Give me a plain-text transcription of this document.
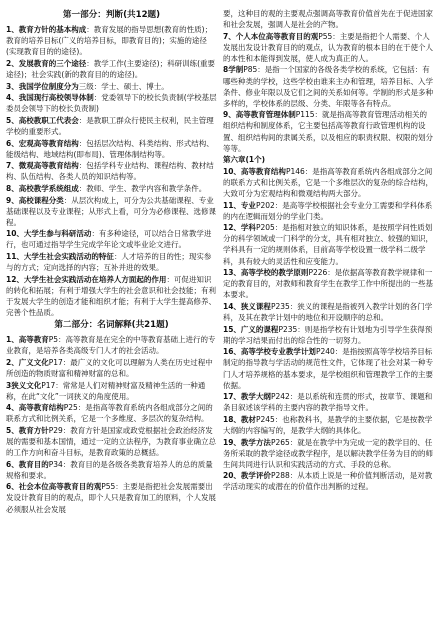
第一部分：判断(共12题)
1、教育方针的基本构成：教育发展的指导思想(教育的性质)；教育的培养目标(广义的培养目标，即教育目的)；实施的途径(实现教育目的的途径)。
2、发展教育的三个途径：教学工作(主要途径)；科研训练(重要途径)；社会实践(新的教育目的的途径)。
3、我国学位制度分为三级：学士、硕士、博士。
4、我国现行高校领导体制：党委领导下的校长负责制(学校基层委员会领导下的校长负责制)
5、高校教职工代表会：是教职工群众行使民主权利，民主管理学校的重要形式。
6、宏观高等教育结构：包括层次结构、科类结构、形式结构、能级结构、地域结构(即布局)、管理体制结构等。
7、微观高等教育结构：包括学科专业结构、课程结构、教材结构、队伍结构、各类人员的知识结构等。
8、高校教学系统组成：教师、学生、教学内容和教学条件。
9、高校课程分类：从层次构成上，可分为公共基础课程、专业基础课程以及专业课程；从形式上看，可分为必修课程、选修课程。
10、大学生参与科研活动：有多种途径，可以结合日常教学进行，也可通过指导学生完成学年论文或毕业论文进行。
11、大学生社会实践活动的特征：人才培养的目的性；现实参与的方式；定向选择的内容；互补并进的效果。
12、大学生社会实践活动在培养人方面起的作用：可促进知识的转化和拓展；有利于增强大学生的社会意识和社会技能；有利于发展大学生的创造才能和组织才能；有利于大学生提高修养、完善个性品质。
第二部分：名词解释(共21题)
1、高等教育P5：高等教育是在完全的中等教育基础上进行的专业教育，是培养各类高级专门人才的社会活动。
2、广义文化P17：最广义的文化可以理解为人类在历史过程中所创造的物质财富和精神财富的总和。
3狭义文化P17：常常是人们对精神财富及精神生活的一种通称，在此“文化”一词狭义的角度使用。
4、高等教育结构P25：是指高等教育系统内各组成部分之间的联系方式和比例关系，它是一个多维度、多层次的复杂结构。
5、教育方针P29：教育方针是国家或政党根据社会政治经济发展的需要和基本国情，通过一定的立法程序，为教育事业确立总的工作方向和奋斗目标，是教育政策的总概括。
6、教育目的P34：教育目的是各级各类教育培养人的总的质量规格和要求。
6、社会本位高等教育目的观P55：主要是指把社会发展需要出发设计教育目的的观点，即个人只是教育加工的原料，个人发展必须服从社会发展
要，这种目的观的主要观点强调高等教育价值首先在于促进国家和社会发展，强调人是社会的产物。
7、个人本位高等教育目的观P55：主要是指把个人需要、个人发展出发设计教育目的的观点，认为教育的根本目的在于使个人的本性和本能得到发展，使人成为真正的人。
8学制P85：是指一个国家的各级各类学校的系统，它包括：有哪些种类的学校，这些学校由谁来主办和管理，培养目标、入学条件、修业年限以及它们之间的关系如何等。学制的形式是多种多样的，学校体系的层级、分类、年限等各有特点。
9、高等教育管理体制P115：就是指高等教育管理活动相关的组织结构和制度体系，它主要包括高等教育行政管理机构的设置、组织结构间的隶属关系，以及相应的职责权限、权限的划分等等。
第六章(1个)
10、高等教育结构P146：是指高等教育系统内各组成部分之间的联系方式和比例关系，它是一个多维层次的复杂的综合结构，大致可分为宏观结构和微观结构两大部分。
11、专业P202：是高等学校根据社会专业分工需要和学科体系的内在逻辑而划分的学业门类。
12、学科P205：是指相对独立的知识体系，是按照学问性质划分的科学领域或一门科学的分支，具有相对独立、较强的知识，学科具有一定的规则体系，目前高等学校设置一级学科二级学科，具有较大的灵活性和应变能力。
13、高等学校的教学原则P226：是依据高等教育教学规律和一定的教育目的，对教师和教育学生在教学工作中所提出的一些基本要求。
14、狭义课程P235：狭义的课程是指被列入教学计划的各门学科，及其在教学计划中的地位和开设顺序的总和。
15、广义的课程P235：则是指学校有计划地为引导学生获得预期的学习结果而付出的综合性的一切努力。
16、高等学校专业教学计划P240：是指按照高等学校培养目标制定的指导教与学活动的规范性文件，它体现了社会对某一种专门人才培养规格的基本要求，是学校组织和管理教学工作的主要依据。
17、教学大纲P242：是以系统和连贯的形式，按章节、课题和条目叙述该学科的主要内容的教学指导文件。
18、教材P245：也称教科书，是教学的主要依据，它是按教学大纲的内容编写的，是教学大纲的具体化。
19、教学方法P265：就是在教学中为完成一定的教学目的、任务所采取的教学途径或教学程序，是以解决教学任务为目的的师生间共同进行认识和实践活动的方式、手段的总称。
20、教学评价P288：从本质上说是一种价值判断活动，是对教学活动现实的或潜在的价值作出判断的过程。
